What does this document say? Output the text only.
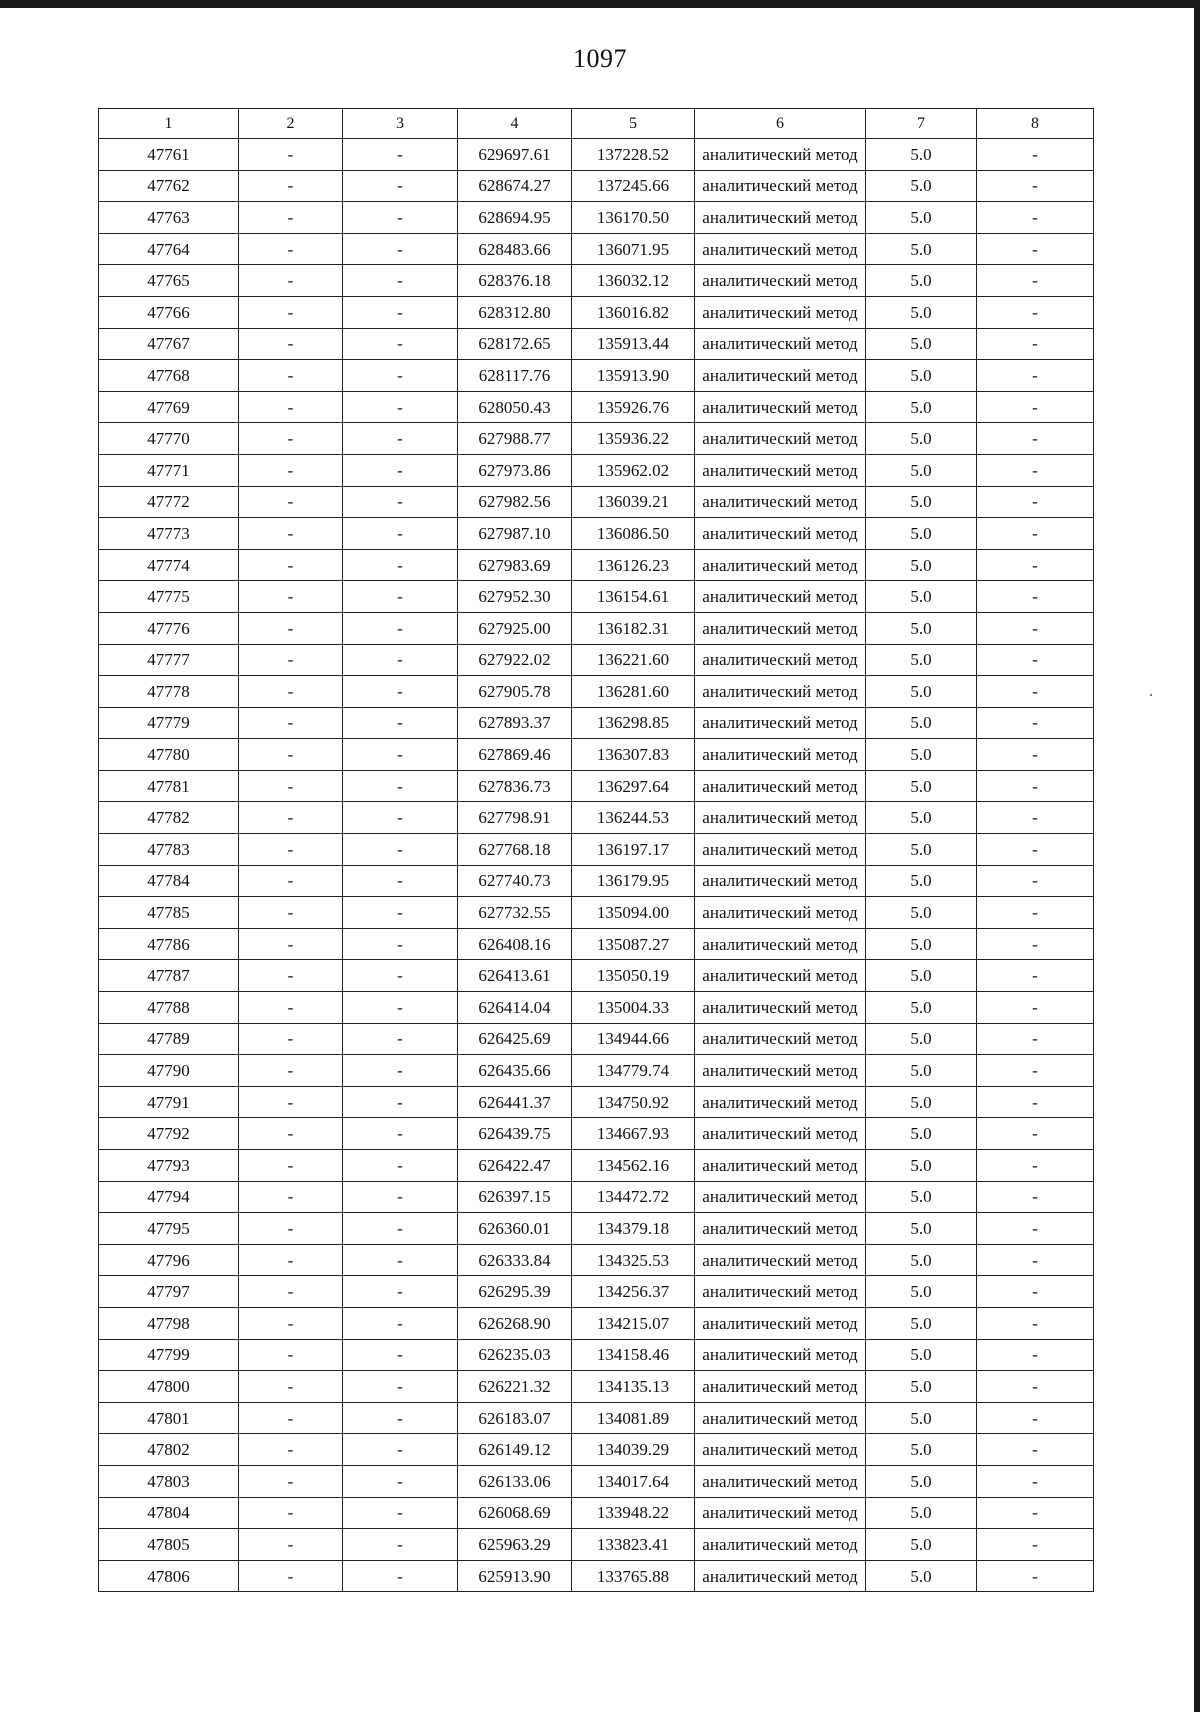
1097
1	2	3	4	5	6	7	8
47761	-	-	629697.61	137228.52	аналитический метод	5.0	-
47762	-	-	628674.27	137245.66	аналитический метод	5.0	-
47763	-	-	628694.95	136170.50	аналитический метод	5.0	-
47764	-	-	628483.66	136071.95	аналитический метод	5.0	-
47765	-	-	628376.18	136032.12	аналитический метод	5.0	-
47766	-	-	628312.80	136016.82	аналитический метод	5.0	-
47767	-	-	628172.65	135913.44	аналитический метод	5.0	-
47768	-	-	628117.76	135913.90	аналитический метод	5.0	-
47769	-	-	628050.43	135926.76	аналитический метод	5.0	-
47770	-	-	627988.77	135936.22	аналитический метод	5.0	-
47771	-	-	627973.86	135962.02	аналитический метод	5.0	-
47772	-	-	627982.56	136039.21	аналитический метод	5.0	-
47773	-	-	627987.10	136086.50	аналитический метод	5.0	-
47774	-	-	627983.69	136126.23	аналитический метод	5.0	-
47775	-	-	627952.30	136154.61	аналитический метод	5.0	-
47776	-	-	627925.00	136182.31	аналитический метод	5.0	-
47777	-	-	627922.02	136221.60	аналитический метод	5.0	-
47778	-	-	627905.78	136281.60	аналитический метод	5.0	-
47779	-	-	627893.37	136298.85	аналитический метод	5.0	-
47780	-	-	627869.46	136307.83	аналитический метод	5.0	-
47781	-	-	627836.73	136297.64	аналитический метод	5.0	-
47782	-	-	627798.91	136244.53	аналитический метод	5.0	-
47783	-	-	627768.18	136197.17	аналитический метод	5.0	-
47784	-	-	627740.73	136179.95	аналитический метод	5.0	-
47785	-	-	627732.55	135094.00	аналитический метод	5.0	-
47786	-	-	626408.16	135087.27	аналитический метод	5.0	-
47787	-	-	626413.61	135050.19	аналитический метод	5.0	-
47788	-	-	626414.04	135004.33	аналитический метод	5.0	-
47789	-	-	626425.69	134944.66	аналитический метод	5.0	-
47790	-	-	626435.66	134779.74	аналитический метод	5.0	-
47791	-	-	626441.37	134750.92	аналитический метод	5.0	-
47792	-	-	626439.75	134667.93	аналитический метод	5.0	-
47793	-	-	626422.47	134562.16	аналитический метод	5.0	-
47794	-	-	626397.15	134472.72	аналитический метод	5.0	-
47795	-	-	626360.01	134379.18	аналитический метод	5.0	-
47796	-	-	626333.84	134325.53	аналитический метод	5.0	-
47797	-	-	626295.39	134256.37	аналитический метод	5.0	-
47798	-	-	626268.90	134215.07	аналитический метод	5.0	-
47799	-	-	626235.03	134158.46	аналитический метод	5.0	-
47800	-	-	626221.32	134135.13	аналитический метод	5.0	-
47801	-	-	626183.07	134081.89	аналитический метод	5.0	-
47802	-	-	626149.12	134039.29	аналитический метод	5.0	-
47803	-	-	626133.06	134017.64	аналитический метод	5.0	-
47804	-	-	626068.69	133948.22	аналитический метод	5.0	-
47805	-	-	625963.29	133823.41	аналитический метод	5.0	-
47806	-	-	625913.90	133765.88	аналитический метод	5.0	-
